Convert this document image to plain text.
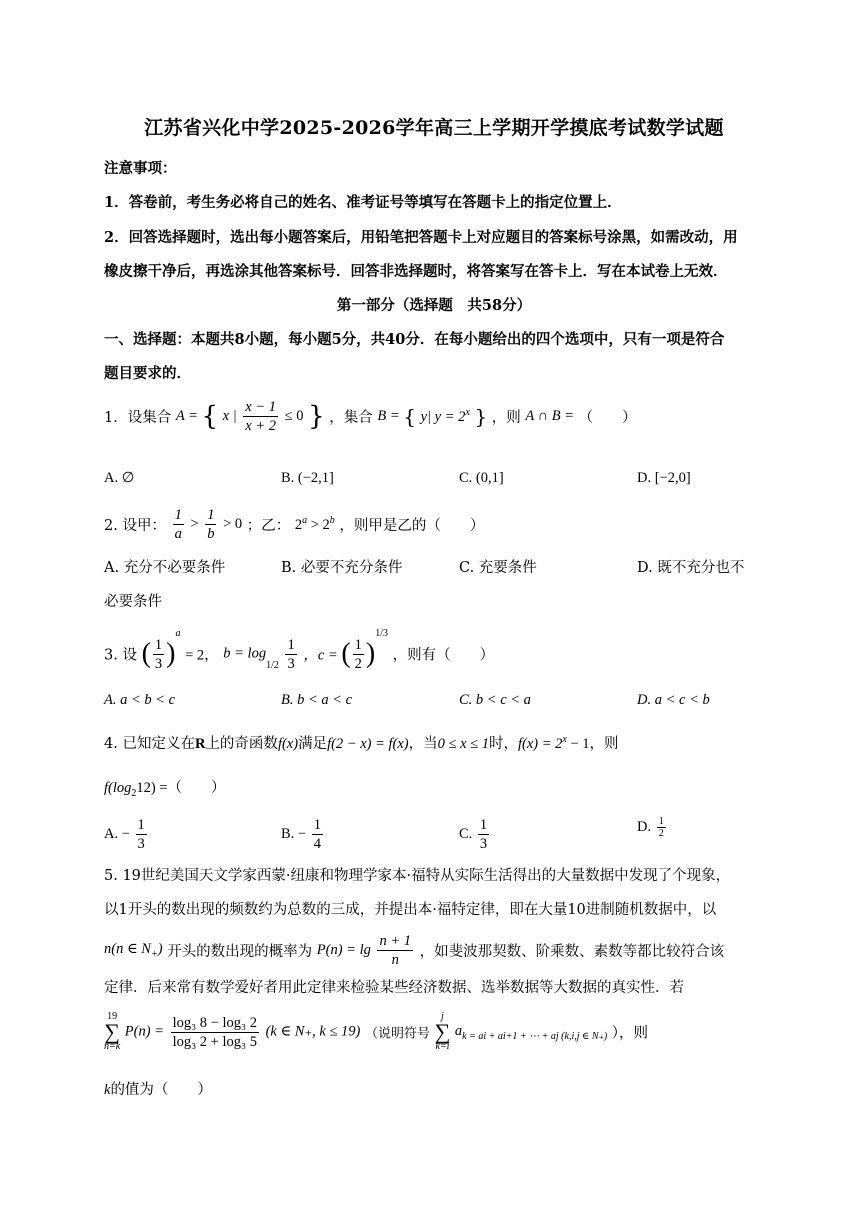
江苏省兴化中学2025-2026学年高三上学期开学摸底考试数学试题
注意事项：
1．答卷前，考生务必将自己的姓名、准考证号等填写在答题卡上的指定位置上．
2．回答选择题时，选出每小题答案后，用铅笔把答题卡上对应题目的答案标号涂黑，如需改动，用
橡皮擦干净后，再选涂其他答案标号．回答非选择题时，将答案写在答卡上．写在本试卷上无效．
第一部分（选择题　共58分）
一、选择题：本题共8小题，每小题5分，共40分．在每小题给出的四个选项中，只有一项是符合
题目要求的．
1．设集合 A = { x | $\frac{x - 1}{x + 2} \le 0$ } ，集合 B = { y| $y = 2^x$ } ，则 A ∩ B = （　　）
A. ∅	B. (−2,1]	C. (0,1]	D. [−2,0]
2. 设甲： $\frac{1}{a} > \frac{1}{b} > 0$ ；乙： $2^a > 2^b$ ，则甲是乙的（　　）
A. 充分不必要条件	B. 必要不充分条件	C. 充要条件	D. 既不充分也不
必要条件
3. 设 ( $\frac{1}{3} )^a = 2$， $b = \log_{1/2} \frac{1}{3}$ ，c = ( $\frac{1}{2} )^{1/3}$ ，则有（　　）
A. a < b < c	B. b < a < c	C. b < c < a	D. a < c < b
4. 已知定义在R上的奇函数f(x)满足f(2 − x) = f(x)，当0 ≤ x ≤ 1时，$f(x) = 2^x - 1$，则
$f(\log_212)$ =（　　）
A. − $\frac{1}{3}$	B. − $\frac{1}{4}$	C. $\frac{1}{3}$	D. $\frac{1}{2}$
5. 19世纪美国天文学家西蒙·纽康和物理学家本·福特从实际生活得出的大量数据中发现了个现象，
以1开头的数出现的频数约为总数的三成，并提出本·福特定律，即在大量10进制随机数据中，以
n(n ∈ $N_+$) 开头的数出现的概率为 $P(n) = \lg \frac{n + 1}{n}$ ，如斐波那契数、阶乘数、素数等都比较符合该
定律．后来常有数学爱好者用此定律来检验某些经济数据、选举数据等大数据的真实性．若
19
∑
n=k
$P(n) = \frac{\text{log₃ 8 − log₃ 2}}{\text{log₃ 2 + log₃ 5}} (k$ ∈ N₊, k ≤ 19) （说明符号
j
∑
k=i
$a_{k = ai + ai+1 + \cdots + aj (k,i,j \in N_+)}$ ），则
k的值为（　　）
